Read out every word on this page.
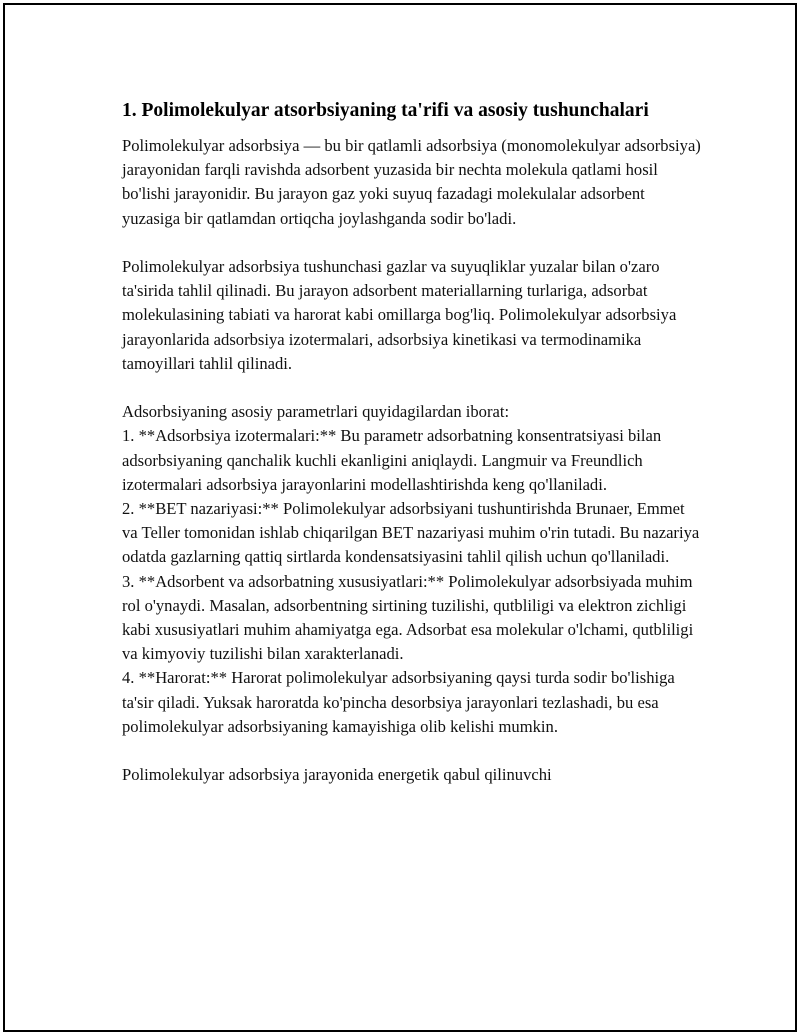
1. Polimolekulyar atsorbsiyaning ta'rifi va asosiy tushunchalari

Polimolekulyar adsorbsiya — bu bir qatlamli adsorbsiya (monomolekulyar adsorbsiya) jarayonidan farqli ravishda adsorbent yuzasida bir nechta molekula qatlami hosil bo'lishi jarayonidir. Bu jarayon gaz yoki suyuq fazadagi molekulalar adsorbent yuzasiga bir qatlamdan ortiqcha joylashganda sodir bo'ladi.

Polimolekulyar adsorbsiya tushunchasi gazlar va suyuqliklar yuzalar bilan o'zaro ta'sirida tahlil qilinadi. Bu jarayon adsorbent materiallarning turlariga, adsorbat molekulasining tabiati va harorat kabi omillarga bog'liq. Polimolekulyar adsorbsiya jarayonlarida adsorbsiya izotermalari, adsorbsiya kinetikasi va termodinamika tamoyillari tahlil qilinadi.

Adsorbsiyaning asosiy parametrlari quyidagilardan iborat:

1. **Adsorbsiya izotermalari:** Bu parametr adsorbatning konsentratsiyasi bilan adsorbsiyaning qanchalik kuchli ekanligini aniqlaydi. Langmuir va Freundlich izotermalari adsorbsiya jarayonlarini modellashtirishda keng qo'llaniladi.

2. **BET nazariyasi:** Polimolekulyar adsorbsiyani tushuntirishda Brunaer, Emmet va Teller tomonidan ishlab chiqarilgan BET nazariyasi muhim o'rin tutadi. Bu nazariya odatda gazlarning qattiq sirtlarda kondensatsiyasini tahlil qilish uchun qo'llaniladi.

3. **Adsorbent va adsorbatning xususiyatlari:** Polimolekulyar adsorbsiyada muhim rol o'ynaydi. Masalan, adsorbentning sirtining tuzilishi, qutbliligi va elektron zichligi kabi xususiyatlari muhim ahamiyatga ega. Adsorbat esa molekular o'lchami, qutbliligi va kimyoviy tuzilishi bilan xarakterlanadi.

4. **Harorat:** Harorat polimolekulyar adsorbsiyaning qaysi turda sodir bo'lishiga ta'sir qiladi. Yuksak haroratda ko'pincha desorbsiya jarayonlari tezlashadi, bu esa polimolekulyar adsorbsiyaning kamayishiga olib kelishi mumkin.

Polimolekulyar adsorbsiya jarayonida energetik qabul qilinuvchi
